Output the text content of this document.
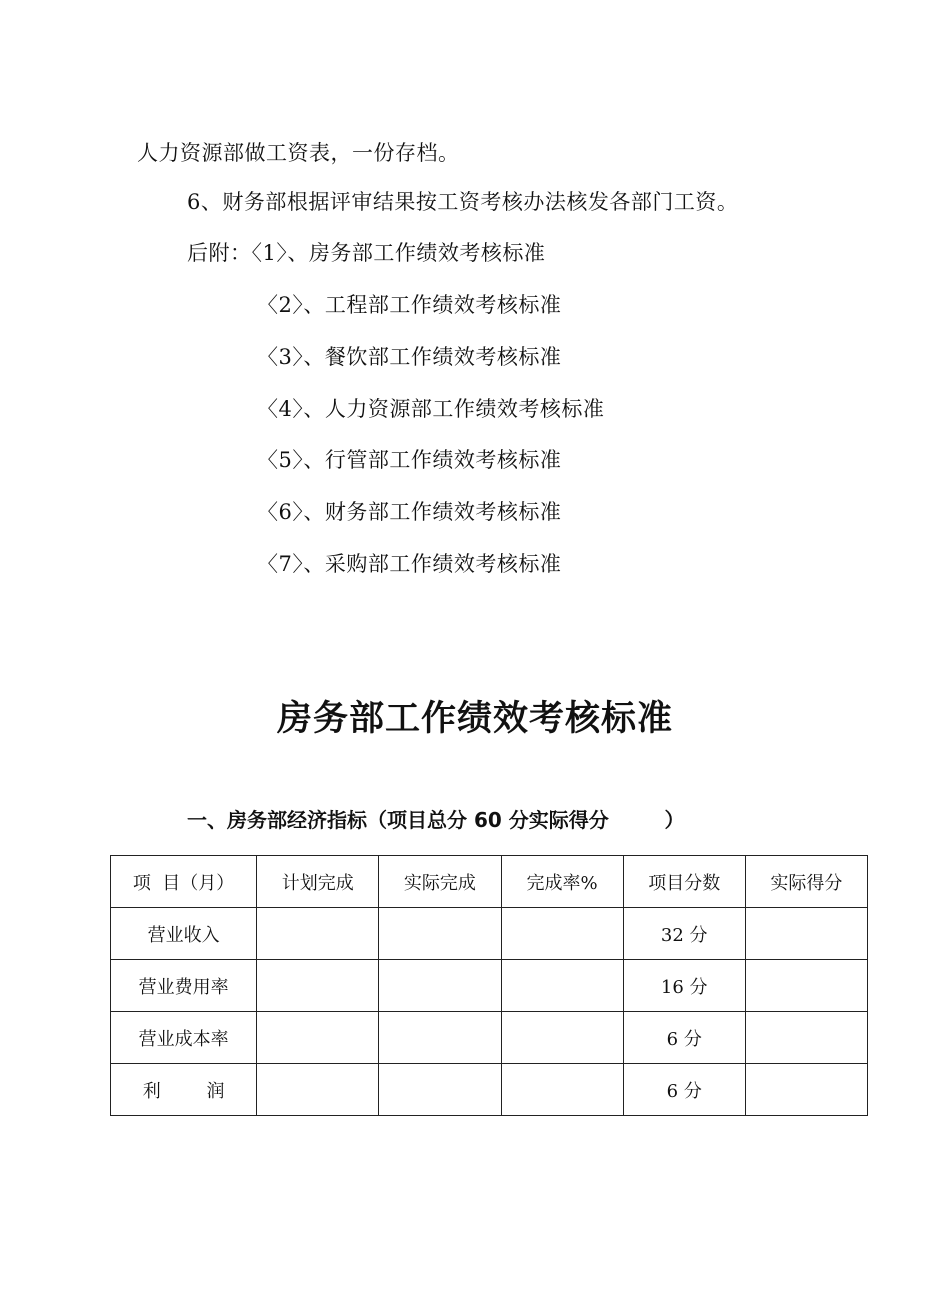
人力资源部做工资表，一份存档。
6、财务部根据评审结果按工资考核办法核发各部门工资。
后附：〈1〉、房务部工作绩效考核标准
〈2〉、工程部工作绩效考核标准
〈3〉、餐饮部工作绩效考核标准
〈4〉、人力资源部工作绩效考核标准
〈5〉、行管部工作绩效考核标准
〈6〉、财务部工作绩效考核标准
〈7〉、采购部工作绩效考核标准
房务部工作绩效考核标准
一、房务部经济指标（项目总分 60 分实际得分        ）
项  目（月）	计划完成	实际完成	完成率%	项目分数	实际得分
营业收入				32 分	
营业费用率				16 分	
营业成本率				6 分	
利        润				6 分	
